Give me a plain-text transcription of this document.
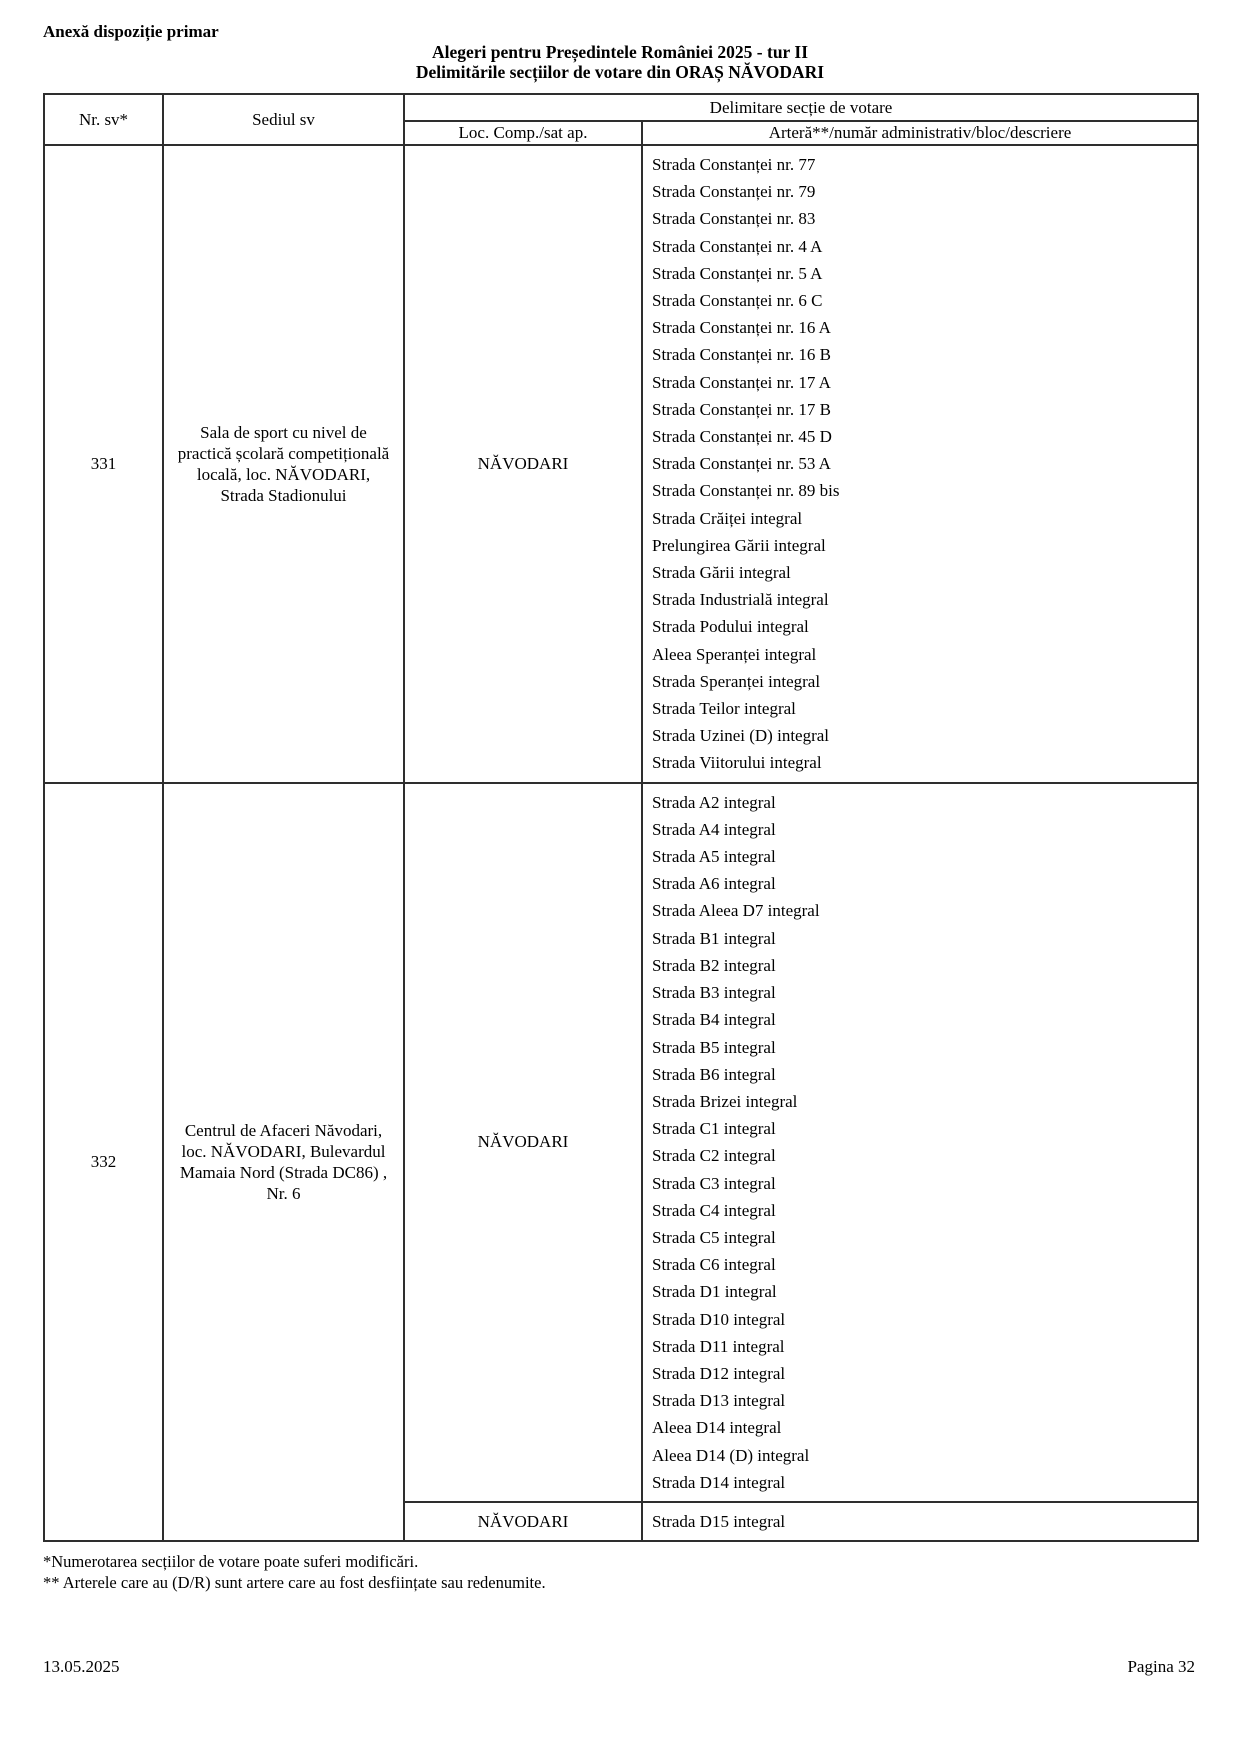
Anexă dispoziție primar
Alegeri pentru Președintele României 2025 - tur II
Delimitările secțiilor de votare din ORAȘ NĂVODARI
Nr. sv*	Sediul sv	Delimitare secție de votare	
		Loc. Comp./sat ap.	Arteră**/număr administrativ/bloc/descriere
331	Sala de sport cu nivel de practică școlară competițională locală, loc. NĂVODARI, Strada Stadionului	NĂVODARI	
Strada Constanței nr. 77
Strada Constanței nr. 79
Strada Constanței nr. 83
Strada Constanței nr. 4 A
Strada Constanței nr. 5 A
Strada Constanței nr. 6 C
Strada Constanței nr. 16 A
Strada Constanței nr. 16 B
Strada Constanței nr. 17 A
Strada Constanței nr. 17 B
Strada Constanței nr. 45 D
Strada Constanței nr. 53 A
Strada Constanței nr. 89 bis
Strada Crăiței integral
Prelungirea Gării integral
Strada Gării integral
Strada Industrială integral
Strada Podului integral
Aleea Speranței integral
Strada Speranței integral
Strada Teilor integral
Strada Uzinei (D) integral
Strada Viitorului integral

332	Centrul de Afaceri Năvodari, loc. NĂVODARI, Bulevardul Mamaia Nord (Strada DC86) , Nr. 6	NĂVODARI	
Strada A2 integral
Strada A4 integral
Strada A5 integral
Strada A6 integral
Strada Aleea D7 integral
Strada B1 integral
Strada B2 integral
Strada B3 integral
Strada B4 integral
Strada B5 integral
Strada B6 integral
Strada Brizei integral
Strada C1 integral
Strada C2 integral
Strada C3 integral
Strada C4 integral
Strada C5 integral
Strada C6 integral
Strada D1 integral
Strada D10 integral
Strada D11 integral
Strada D12 integral
Strada D13 integral
Aleea D14 integral
Aleea D14 (D) integral
Strada D14 integral

		NĂVODARI	Strada D15 integral
*Numerotarea secțiilor de votare poate suferi modificări.
** Arterele care au (D/R) sunt artere care au fost desființate sau redenumite.
13.05.2025	Pagina 32
